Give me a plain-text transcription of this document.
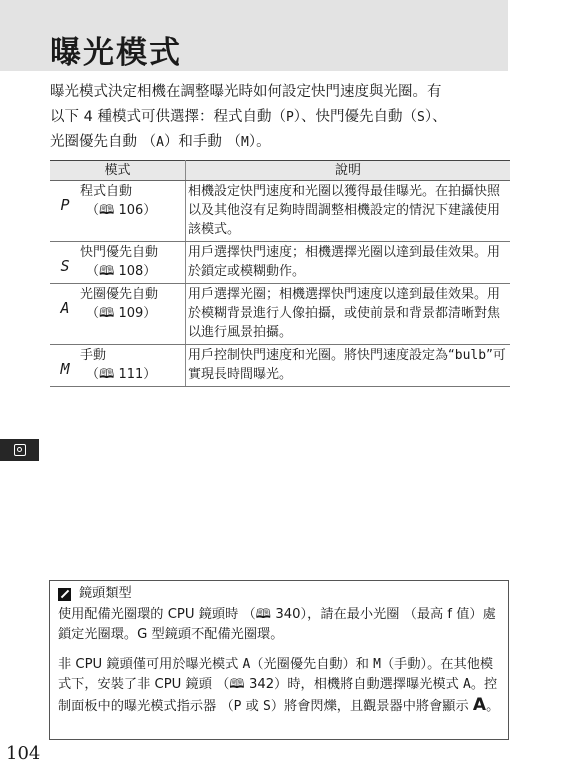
曝光模式

曝光模式決定相機在調整曝光時如何設定快門速度與光圈。有

以下 4 種模式可供選擇：程式自動（P）、快門優先自動（S）、

光圈優先自動 （A）和手動 （M）。

模式	說明

P
程式自動
（🕮 106）	相機設定快門速度和光圈以獲得最佳曝光。在拍攝快照以及其他沒有足夠時間調整相機設定的情況下建議使用該模式。

S
快門優先自動
（🕮 108）	用戶選擇快門速度；相機選擇光圈以達到最佳效果。用於鎖定或模糊動作。

A
光圈優先自動
（🕮 109）	用戶選擇光圈；相機選擇快門速度以達到最佳效果。用於模糊背景進行人像拍攝，或使前景和背景都清晰對焦以進行風景拍攝。

M
手動
（🕮 111）	用戶控制快門速度和光圈。將快門速度設定為“bulb”可實現長時間曝光。
鏡頭類型

使用配備光圈環的 CPU 鏡頭時 （🕮 340），請在最小光圈 （最高 f 值）處鎖定光圈環。G 型鏡頭不配備光圈環。

非 CPU 鏡頭僅可用於曝光模式 A（光圈優先自動）和 M（手動）。在其他模式下，安裝了非 CPU 鏡頭 （🕮 342）時，相機將自動選擇曝光模式 A。控制面板中的曝光模式指示器 （P 或 S）將會閃爍，且觀景器中將會顯示 A。

104
